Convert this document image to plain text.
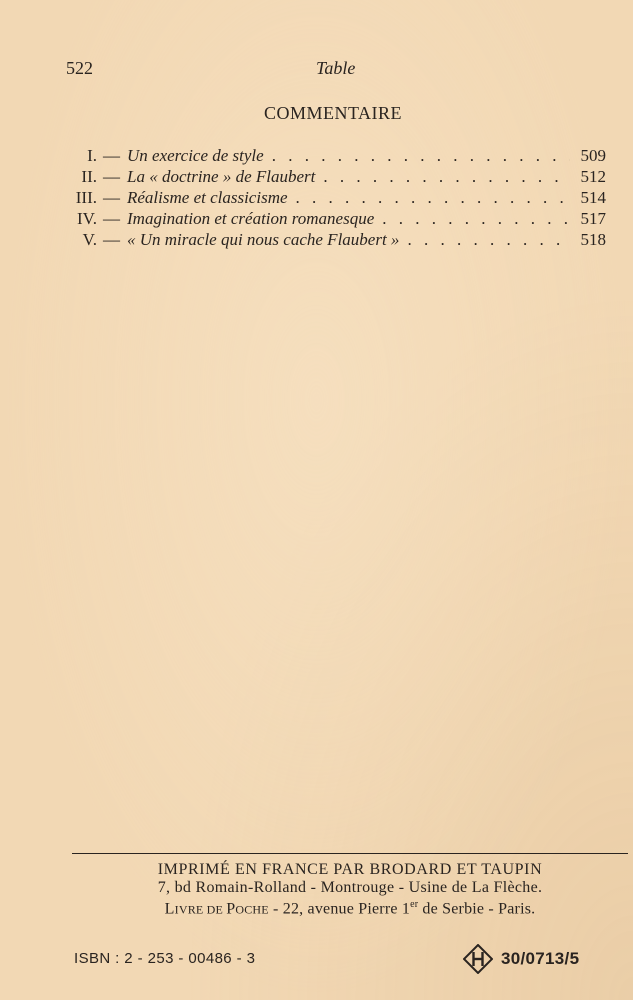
522	Table
COMMENTAIRE
I. — Un exercice de style . . .	509
II. — La « doctrine » de Flaubert . . .	512
III. — Réalisme et classicisme . . .	514
IV. — Imagination et création romanesque . . .	517
V. — « Un miracle qui nous cache Flaubert » . . .	518
IMPRIMÉ EN FRANCE PAR BRODARD ET TAUPIN
7, bd Romain-Rolland - Montrouge - Usine de La Flèche.
LIVRE DE POCHE - 22, avenue Pierre 1er de Serbie - Paris.
ISBN : 2 - 253 - 00486 - 3	30/0713/5
